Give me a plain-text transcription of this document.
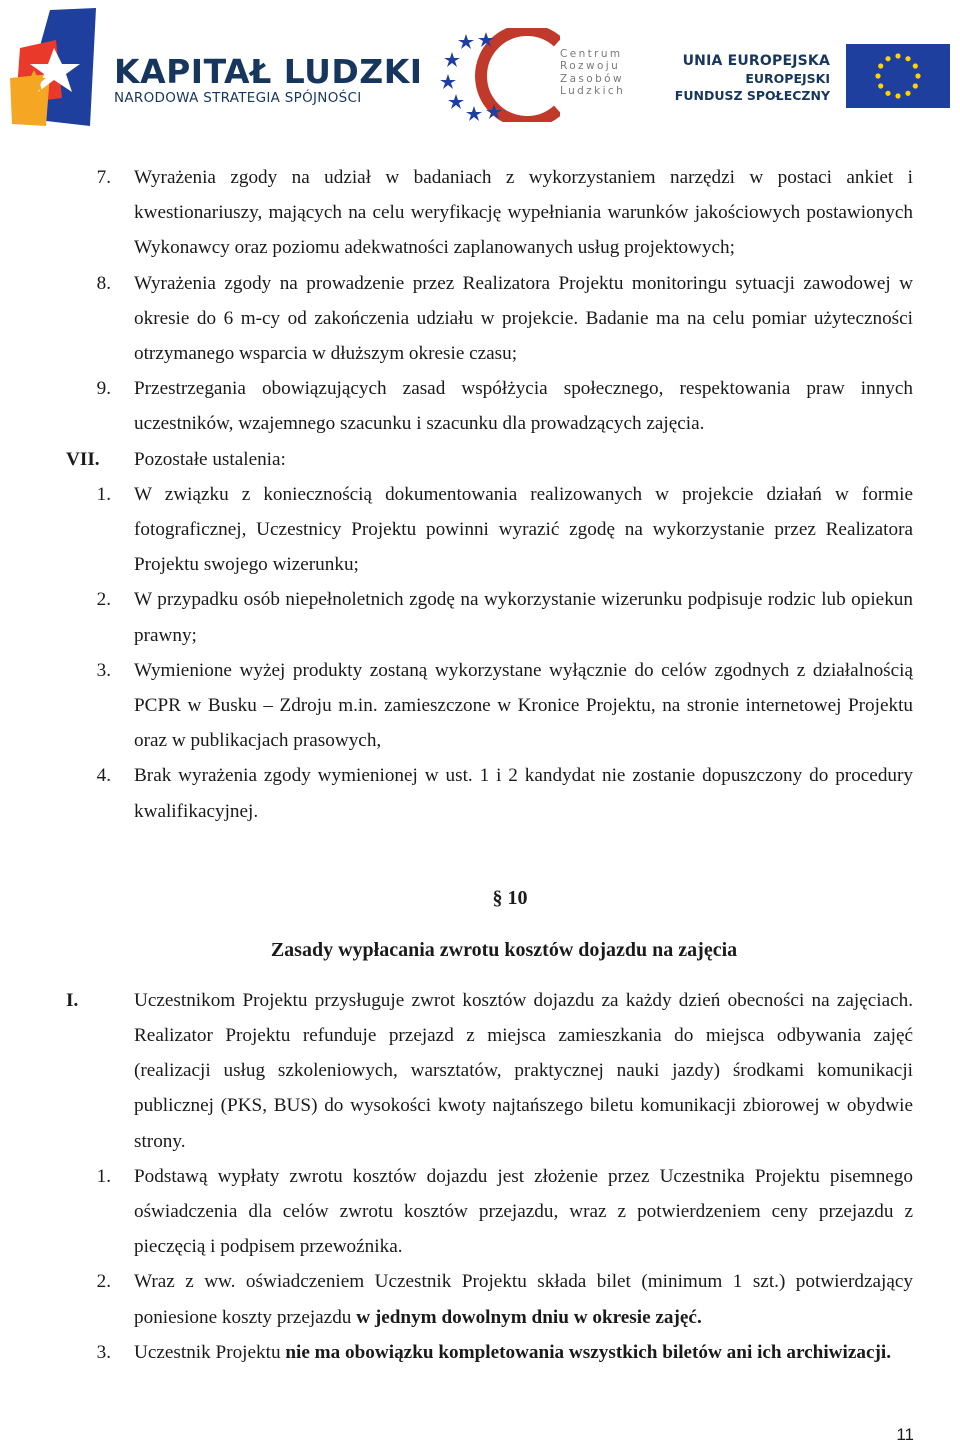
KAPITAŁ LUDZKI
NARODOWA STRATEGIA SPÓJNOŚCI
Centrum
Rozwoju
Zasobów
Ludzkich
UNIA EUROPEJSKA
EUROPEJSKI
FUNDUSZ SPOŁECZNY
7. Wyrażenia zgody na udział w badaniach z wykorzystaniem narzędzi w postaci ankiet i kwestionariuszy, mających na celu weryfikację wypełniania warunków jakościowych postawionych Wykonawcy oraz poziomu adekwatności zaplanowanych usług projektowych;
8. Wyrażenia zgody na prowadzenie przez Realizatora Projektu monitoringu sytuacji zawodowej w okresie do 6 m-cy od zakończenia udziału w projekcie. Badanie ma na celu pomiar użyteczności otrzymanego wsparcia w dłuższym okresie czasu;
9. Przestrzegania obowiązujących zasad współżycia społecznego, respektowania praw innych uczestników, wzajemnego szacunku i szacunku dla prowadzących zajęcia.
VII.	Pozostałe ustalenia:
1. W związku z koniecznością dokumentowania realizowanych w projekcie działań w formie fotograficznej, Uczestnicy Projektu powinni wyrazić zgodę na wykorzystanie przez Realizatora Projektu swojego wizerunku;
2. W przypadku osób niepełnoletnich zgodę na wykorzystanie wizerunku podpisuje rodzic lub opiekun prawny;
3. Wymienione wyżej produkty zostaną wykorzystane wyłącznie do celów zgodnych z działalnością PCPR w Busku – Zdroju m.in. zamieszczone w Kronice Projektu, na stronie internetowej Projektu oraz w publikacjach prasowych,
4. Brak wyrażenia zgody wymienionej w ust. 1 i 2 kandydat nie zostanie dopuszczony do procedury kwalifikacyjnej.
§ 10
Zasady wypłacania zwrotu kosztów dojazdu na zajęcia
I.	Uczestnikom Projektu przysługuje zwrot kosztów dojazdu za każdy dzień obecności na zajęciach. Realizator Projektu refunduje przejazd z miejsca zamieszkania do miejsca odbywania zajęć (realizacji usług szkoleniowych, warsztatów, praktycznej nauki jazdy) środkami komunikacji publicznej (PKS, BUS) do wysokości kwoty najtańszego biletu komunikacji zbiorowej w obydwie strony.
1. Podstawą wypłaty zwrotu kosztów dojazdu jest złożenie przez Uczestnika Projektu pisemnego oświadczenia dla celów zwrotu kosztów przejazdu, wraz z potwierdzeniem ceny przejazdu z pieczęcią i podpisem przewoźnika.
2. Wraz z ww. oświadczeniem Uczestnik Projektu składa bilet (minimum 1 szt.) potwierdzający poniesione koszty przejazdu w jednym dowolnym dniu w okresie zajęć.
3. Uczestnik Projektu nie ma obowiązku kompletowania wszystkich biletów ani ich archiwizacji.
11
